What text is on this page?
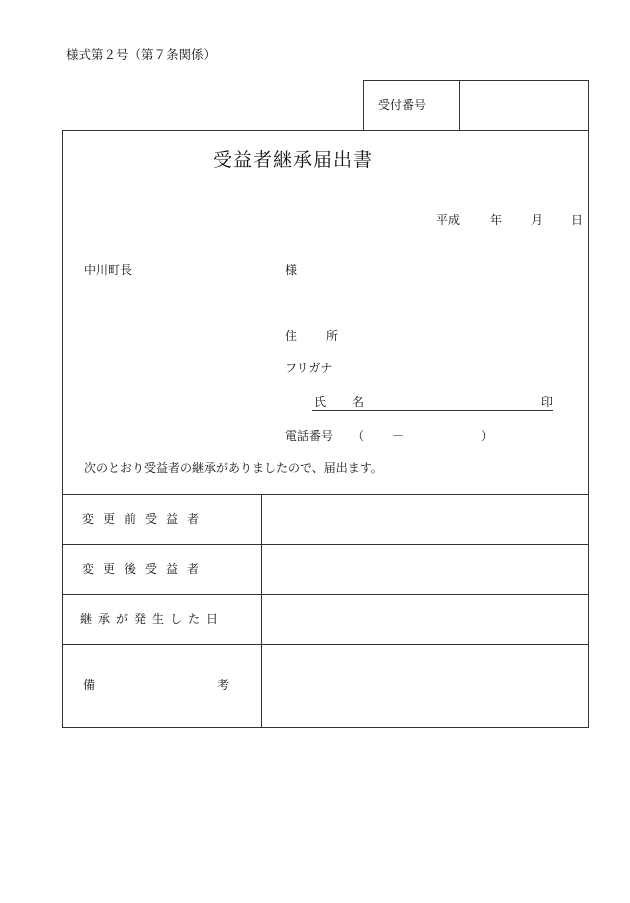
様式第２号（第７条関係）
受付番号
受益者継承届出書
平成 年 月 日
中川町長	様
住 所
フリガナ
氏 名	印
電話番号 （ －	）
次のとおり受益者の継承がありましたので、届出ます。
変更前受益者
変更後受益者
継承が発生した日
備	考
